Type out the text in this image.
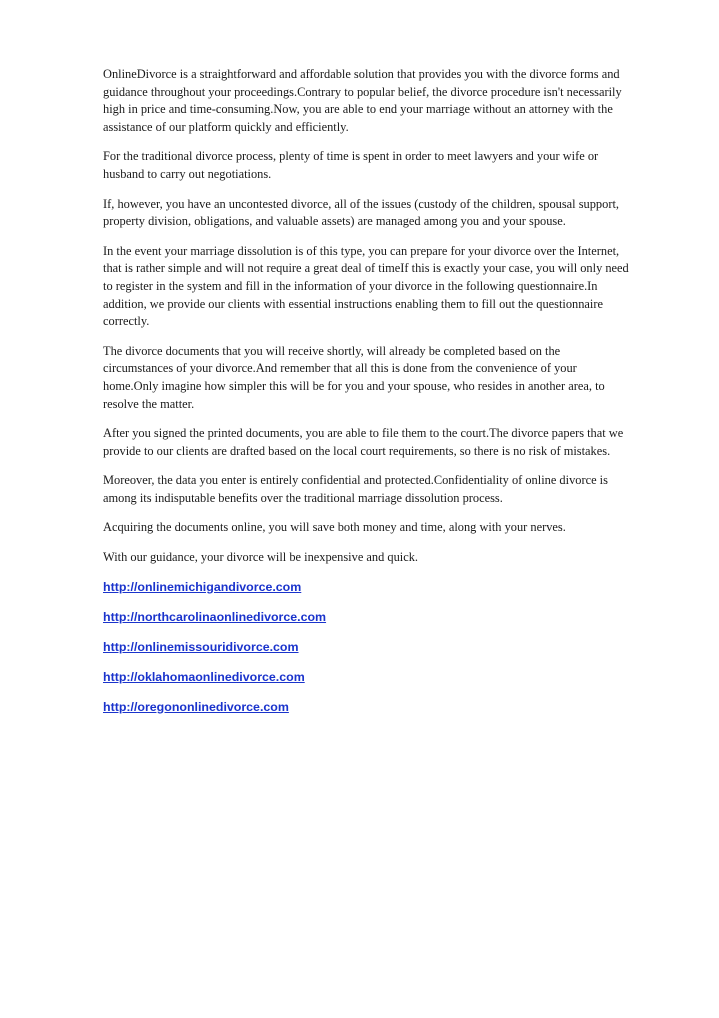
OnlineDivorce is a straightforward and affordable solution that provides you with the divorce forms and
guidance throughout your proceedings.Contrary to popular belief, the divorce procedure isn't necessarily
high in price and time-consuming.Now, you are able to end your marriage without an attorney with the
assistance of our platform quickly and efficiently.

For the traditional divorce process, plenty of time is spent in order to meet lawyers and your wife or
husband to carry out negotiations.

If, however, you have an uncontested divorce, all of the issues (custody of the children, spousal support,
property division, obligations, and valuable assets) are managed among you and your spouse.

In the event your marriage dissolution is of this type, you can prepare for your divorce over the Internet,
that is rather simple and will not require a great deal of timeIf this is exactly your case, you will only need
to register in the system and fill in the information of your divorce in the following questionnaire.In
addition, we provide our clients with essential instructions enabling them to fill out the questionnaire
correctly.

The divorce documents that you will receive shortly, will already be completed based on the
circumstances of your divorce.And remember that all this is done from the convenience of your
home.Only imagine how simpler this will be for you and your spouse, who resides in another area, to
resolve the matter.

After you signed the printed documents, you are able to file them to the court.The divorce papers that we
provide to our clients are drafted based on the local court requirements, so there is no risk of mistakes.

Moreover, the data you enter is entirely confidential and protected.Confidentiality of online divorce is
among its indisputable benefits over the traditional marriage dissolution process.

Acquiring the documents online, you will save both money and time, along with your nerves.

With our guidance, your divorce will be inexpensive and quick.

http://onlinemichigandivorce.com
http://northcarolinaonlinedivorce.com
http://onlinemissouridivorce.com
http://oklahomaonlinedivorce.com
http://oregononlinedivorce.com
